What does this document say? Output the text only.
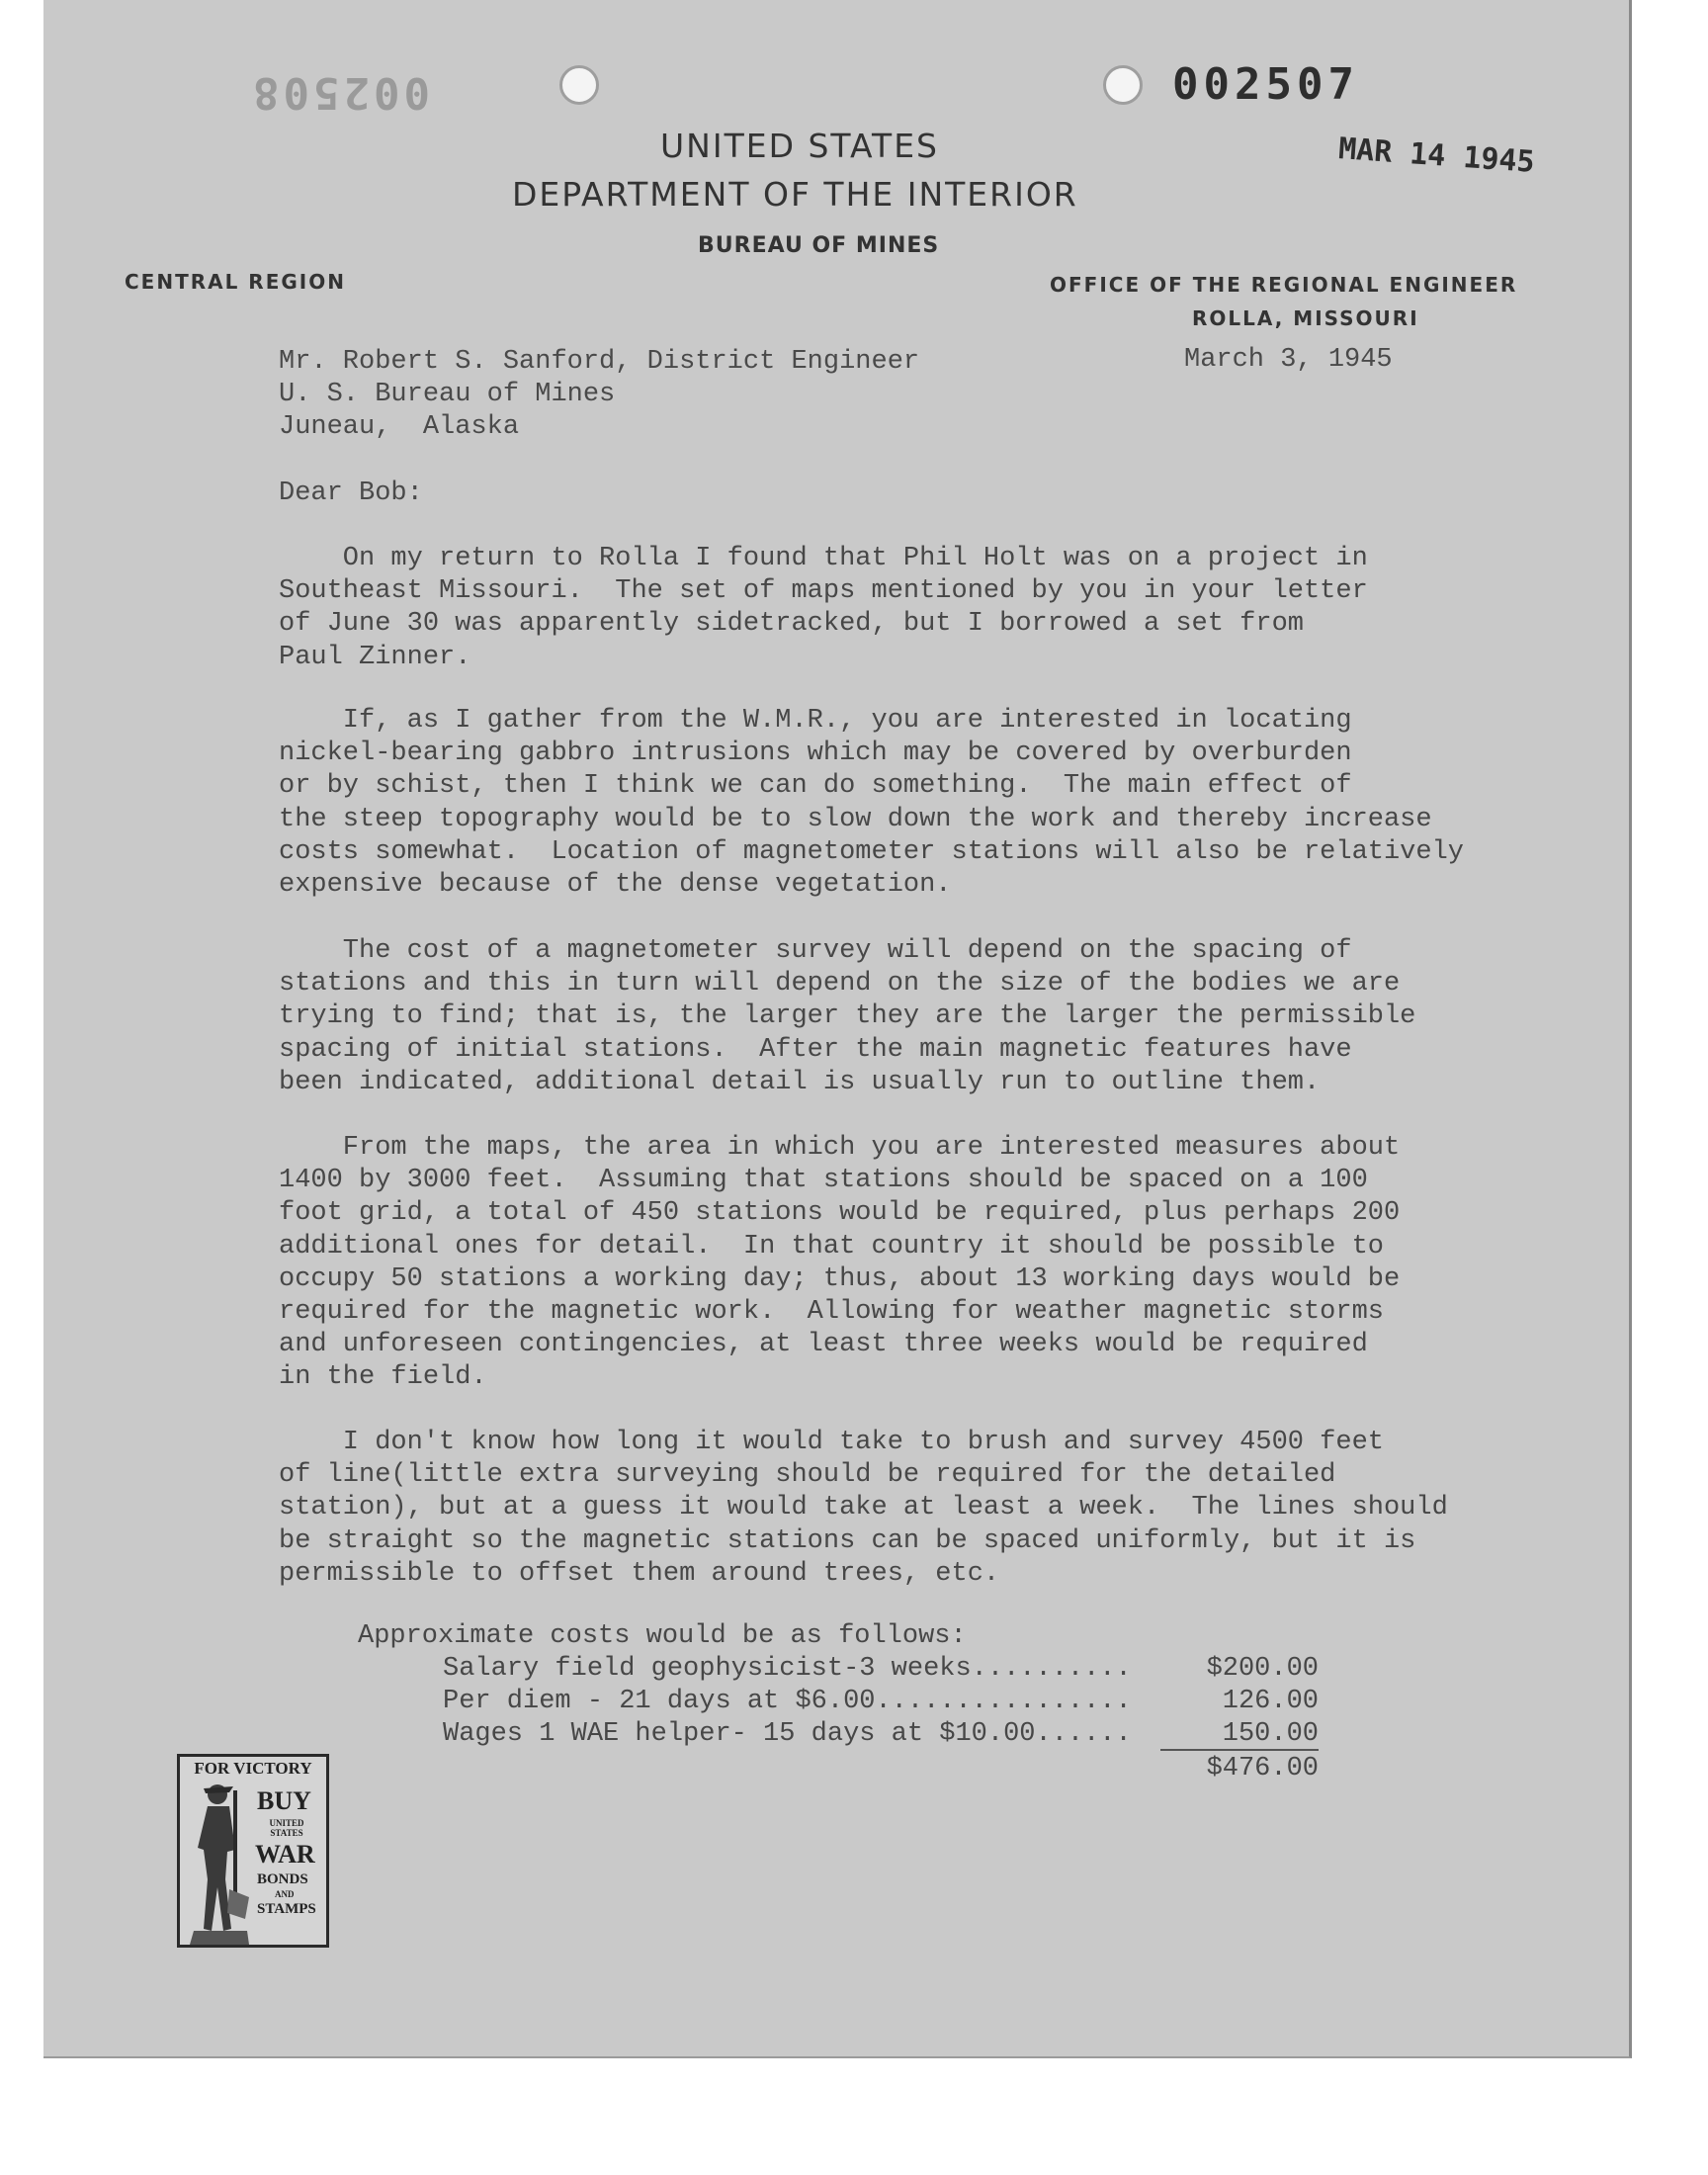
002508	002507
MAR 14 1945
UNITED STATES
DEPARTMENT OF THE INTERIOR
BUREAU OF MINES
CENTRAL REGION	OFFICE OF THE REGIONAL ENGINEER
ROLLA, MISSOURI
March 3, 1945
Mr. Robert S. Sanford, District Engineer
U. S. Bureau of Mines
Juneau,  Alaska
Dear Bob:
On my return to Rolla I found that Phil Holt was on a project in
Southeast Missouri.  The set of maps mentioned by you in your letter
of June 30 was apparently sidetracked, but I borrowed a set from
Paul Zinner.
If, as I gather from the W.M.R., you are interested in locating
nickel-bearing gabbro intrusions which may be covered by overburden
or by schist, then I think we can do something.  The main effect of
the steep topography would be to slow down the work and thereby increase
costs somewhat.  Location of magnetometer stations will also be relatively
expensive because of the dense vegetation.
The cost of a magnetometer survey will depend on the spacing of
stations and this in turn will depend on the size of the bodies we are
trying to find; that is, the larger they are the larger the permissible
spacing of initial stations.  After the main magnetic features have
been indicated, additional detail is usually run to outline them.
From the maps, the area in which you are interested measures about
1400 by 3000 feet.  Assuming that stations should be spaced on a 100
foot grid, a total of 450 stations would be required, plus perhaps 200
additional ones for detail.  In that country it should be possible to
occupy 50 stations a working day; thus, about 13 working days would be
required for the magnetic work.  Allowing for weather magnetic storms
and unforeseen contingencies, at least three weeks would be required
in the field.
I don't know how long it would take to brush and survey 4500 feet
of line(little extra surveying should be required for the detailed
station), but at a guess it would take at least a week.  The lines should
be straight so the magnetic stations can be spaced uniformly, but it is
permissible to offset them around trees, etc.
Approximate costs would be as follows:
Salary field geophysicist-3 weeks..........	$200.00
Per diem - 21 days at $6.00................	126.00
Wages 1 WAE helper- 15 days at $10.00......	150.00
$476.00
FOR VICTORY
BUY
UNITED STATES
WAR
BONDS
AND
STAMPS
